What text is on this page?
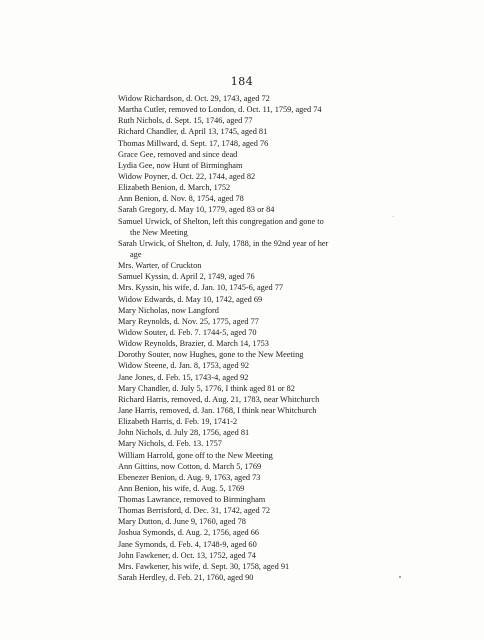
184
Widow Richardson, d. Oct. 29, 1743, aged 72
Martha Cutler, removed to London, d. Oct. 11, 1759, aged 74
Ruth Nichols, d. Sept. 15, 1746, aged 77
Richard Chandler, d. April 13, 1745, aged 81
Thomas Millward, d. Sept. 17, 1748, aged 76
Grace Gee, removed and since dead
Lydia Gee, now Hunt of Birmingham
Widow Poyner, d. Oct. 22, 1744, aged 82
Elizabeth Benion, d. March, 1752
Ann Benion, d. Nov. 8, 1754, aged 78
Sarah Gregory, d. May 10, 1779, aged 83 or 84
Samuel Urwick, of Shelton, left this congregation and gone to
the New Meeting
Sarah Urwick, of Shelton, d. July, 1788, in the 92nd year of her
age
Mrs. Warter, of Cruckton
Samuel Kyssin, d. April 2, 1749, aged 76
Mrs. Kyssin, his wife, d. Jan. 10, 1745-6, aged 77
Widow Edwards, d. May 10, 1742, aged 69
Mary Nicholas, now Langford
Mary Reynolds, d. Nov. 25, 1775, aged 77
Widow Souter, d. Feb. 7. 1744-5, aged 70
Widow Reynolds, Brazier, d. March 14, 1753
Dorothy Souter, now Hughes, gone to the New Meeting
Widow Steene, d. Jan. 8, 1753, aged 92
Jane Jones, d. Feb. 15, 1743-4, aged 92
Mary Chandler, d. July 5, 1776, I think aged 81 or 82
Richard Harris, removed, d. Aug. 21, 1783, near Whitchurch
Jane Harris, removed, d. Jan. 1768, I think near Whitchurch
Elizabeth Harris, d. Feb. 19, 1741-2
John Nichols, d. July 28, 1756, aged 81
Mary Nichols, d. Feb. 13. 1757
William Harrold, gone off to the New Meeting
Ann Gittins, now Cotton, d. March 5, 1769
Ebenezer Benion, d. Aug. 9, 1763, aged 73
Ann Benion, his wife, d. Aug. 5, 1769
Thomas Lawrance, removed to Birmingham
Thomas Berrisford, d. Dec. 31, 1742, aged 72
Mary Dutton, d. June 9, 1760, aged 78
Joshua Symonds, d. Aug. 2, 1756, aged 66
Jane Symonds, d. Feb. 4, 1748-9, aged 60
John Fawkener, d. Oct. 13, 1752, aged 74
Mrs. Fawkener, his wife, d. Sept. 30, 1758, aged 91
Sarah Herdley, d. Feb. 21, 1760, aged 90
·
